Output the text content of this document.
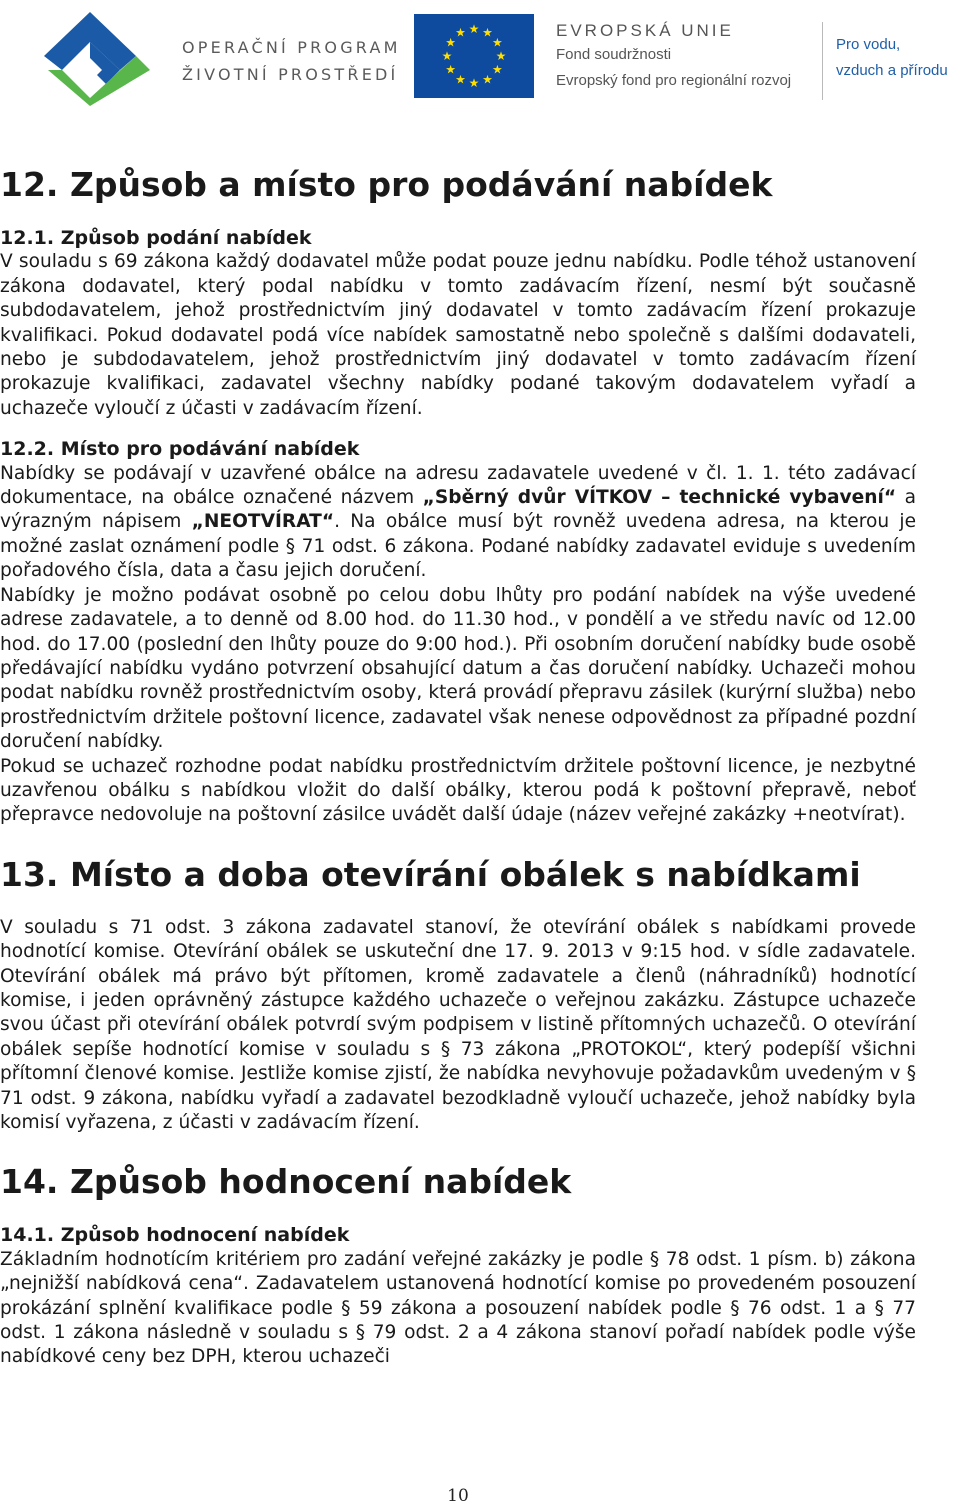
OPERAČNÍ PROGRAM
ŽIVOTNÍ PROSTŘEDÍ
★ ★
★
★
★
★
★
★
★
★
★
★	EVROPSKÁ UNIE
Fond soudržnosti
Evropský fond pro regionální rozvoj
Pro vodu,
vzduch a přírodu
12. Způsob a místo pro podávání nabídek
12.1. Způsob podání nabídek

V souladu s 69 zákona každý dodavatel může podat pouze jednu nabídku. Podle téhož ustanovení zákona dodavatel, který podal nabídku v tomto zadávacím řízení, nesmí být současně subdodavatelem, jehož prostřednictvím jiný dodavatel v tomto zadávacím řízení prokazuje kvalifikaci. Pokud dodavatel podá více nabídek samostatně nebo společně s dalšími dodavateli, nebo je subdodavatelem, jehož prostřednictvím jiný dodavatel v tomto zadávacím řízení prokazuje kvalifikaci, zadavatel všechny nabídky podané takovým dodavatelem vyřadí a uchazeče vyloučí z účasti v zadávacím řízení.

12.2. Místo pro podávání nabídek

Nabídky se podávají v uzavřené obálce na adresu zadavatele uvedené v čl. 1. 1. této zadávací dokumentace, na obálce označené názvem „Sběrný dvůr VÍTKOV – technické vybavení“ a výrazným nápisem „NEOTVÍRAT“. Na obálce musí být rovněž uvedena adresa, na kterou je možné zaslat oznámení podle § 71 odst. 6 zákona. Podané nabídky zadavatel eviduje s uvedením pořadového čísla, data a času jejich doručení.

Nabídky je možno podávat osobně po celou dobu lhůty pro podání nabídek na výše uvedené adrese zadavatele, a to denně od 8.00 hod. do 11.30 hod., v pondělí a ve středu navíc od 12.00 hod. do 17.00 (poslední den lhůty pouze do 9:00 hod.). Při osobním doručení nabídky bude osobě předávající nabídku vydáno potvrzení obsahující datum a čas doručení nabídky. Uchazeči mohou podat nabídku rovněž prostřednictvím osoby, která provádí přepravu zásilek (kurýrní služba) nebo prostřednictvím držitele poštovní licence, zadavatel však nenese odpovědnost za případné pozdní doručení nabídky.

Pokud se uchazeč rozhodne podat nabídku prostřednictvím držitele poštovní licence, je nezbytné uzavřenou obálku s nabídkou vložit do další obálky, kterou podá k poštovní přepravě, neboť přepravce nedovoluje na poštovní zásilce uvádět další údaje (název veřejné zakázky +neotvírat).

13. Místo a doba otevírání obálek s nabídkami

V souladu s 71 odst. 3 zákona zadavatel stanoví, že otevírání obálek s nabídkami provede hodnotící komise. Otevírání obálek se uskuteční dne 17. 9. 2013 v 9:15 hod. v sídle zadavatele. Otevírání obálek má právo být přítomen, kromě zadavatele a členů (náhradníků) hodnotící komise, i jeden oprávněný zástupce každého uchazeče o veřejnou zakázku. Zástupce uchazeče svou účast při otevírání obálek potvrdí svým podpisem v listině přítomných uchazečů. O otevírání obálek sepíše hodnotící komise v souladu s § 73 zákona „PROTOKOL“, který podepíší všichni přítomní členové komise. Jestliže komise zjistí, že nabídka nevyhovuje požadavkům uvedeným v § 71 odst. 9 zákona, nabídku vyřadí a zadavatel bezodkladně vyloučí uchazeče, jehož nabídky byla komisí vyřazena, z účasti v zadávacím řízení.

14. Způsob hodnocení nabídek
14.1. Způsob hodnocení nabídek

Základním hodnotícím kritériem pro zadání veřejné zakázky je podle § 78 odst. 1 písm. b) zákona „nejnižší nabídková cena“. Zadavatelem ustanovená hodnotící komise po provedeném posouzení prokázání splnění kvalifikace podle § 59 zákona a posouzení nabídek podle § 76 odst. 1 a § 77 odst. 1 zákona následně v souladu s § 79 odst. 2 a 4 zákona stanoví pořadí nabídek podle výše nabídkové ceny bez DPH, kterou uchazeči

10
